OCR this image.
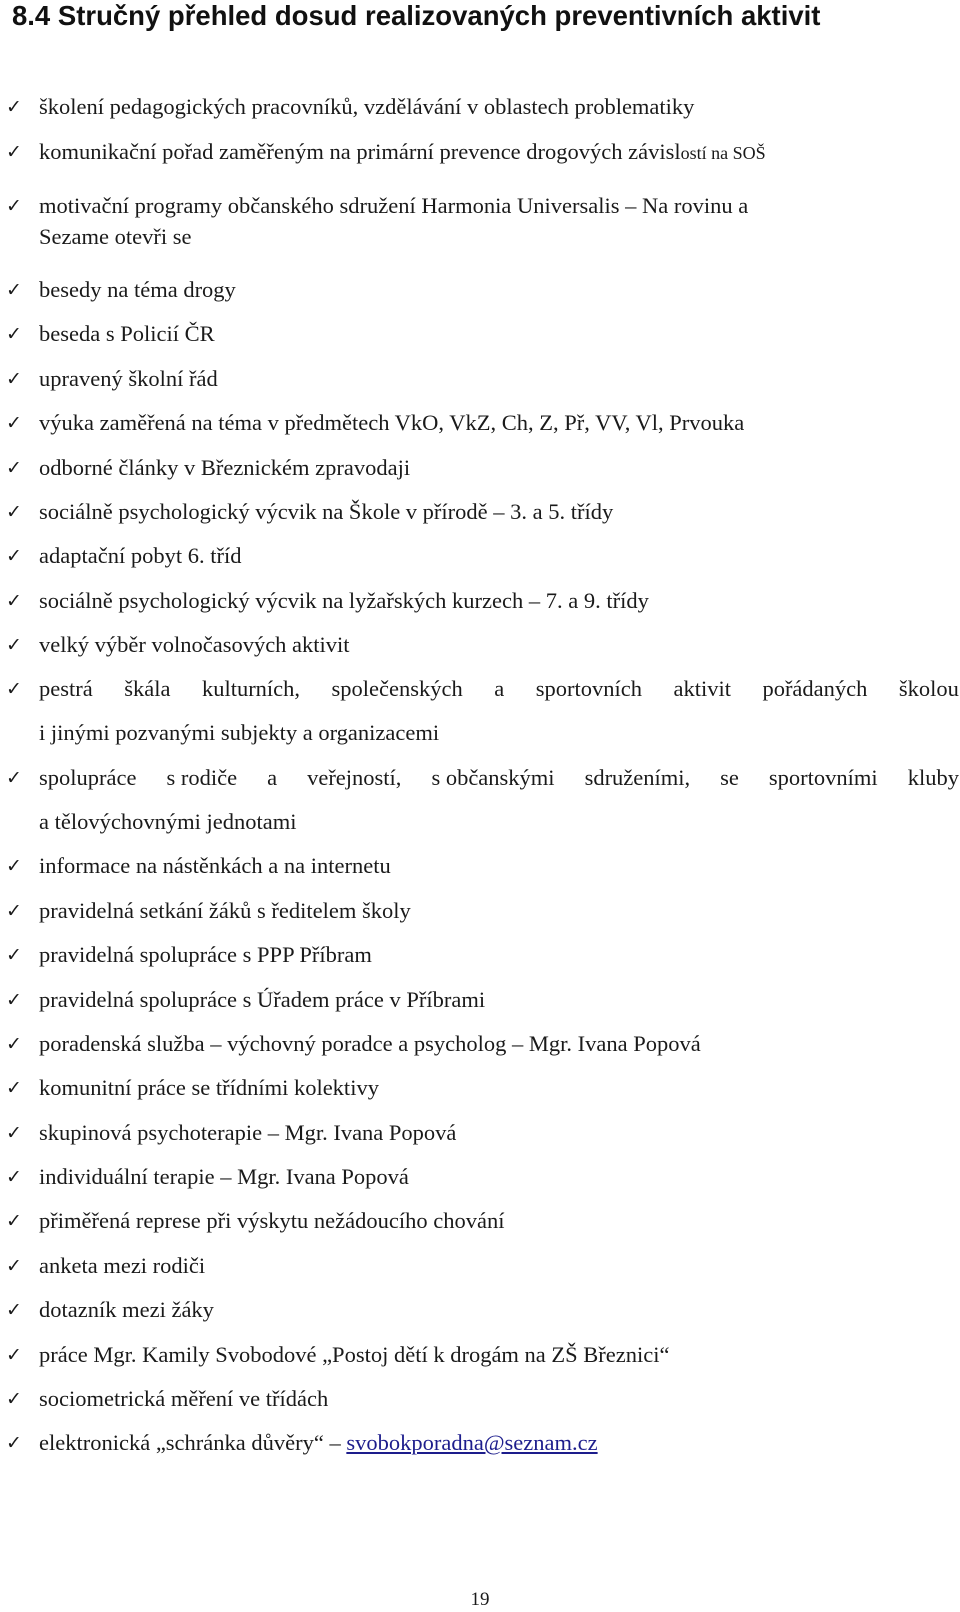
8.4 Stručný přehled dosud realizovaných preventivních aktivit
✓ školení pedagogických pracovníků, vzdělávání v oblastech problematiky
✓ komunikační pořad zaměřeným na primární prevence drogových závislostí na SOŠ
✓ motivační programy občanského sdružení Harmonia Universalis – Na rovinu a
Sezame otevři se
✓ besedy na téma drogy
✓ beseda s Policií ČR
✓ upravený školní řád
✓ výuka zaměřená na téma v předmětech VkO, VkZ, Ch, Z, Př, VV, Vl, Prvouka
✓ odborné články v Březnickém zpravodaji
✓ sociálně psychologický výcvik na Škole v přírodě – 3. a 5. třídy
✓ adaptační pobyt 6. tříd
✓ sociálně psychologický výcvik na lyžařských kurzech – 7. a 9. třídy
✓ velký výběr volnočasových aktivit
✓ pestrá škála kulturních, společenských a sportovních aktivit pořádaných školou
i jinými pozvanými subjekty a organizacemi
✓ spolupráce s rodiče a veřejností, s občanskými sdruženími, se sportovními kluby
a tělovýchovnými jednotami
✓ informace na nástěnkách a na internetu
✓ pravidelná setkání žáků s ředitelem školy
✓ pravidelná spolupráce s PPP Příbram
✓ pravidelná spolupráce s Úřadem práce v Příbrami
✓ poradenská služba – výchovný poradce a psycholog – Mgr. Ivana Popová
✓ komunitní práce se třídními kolektivy
✓ skupinová psychoterapie – Mgr. Ivana Popová
✓ individuální terapie – Mgr. Ivana Popová
✓ přiměřená represe při výskytu nežádoucího chování
✓ anketa mezi rodiči
✓ dotazník mezi žáky
✓ práce Mgr. Kamily Svobodové „Postoj dětí k drogám na ZŠ Březnici“
✓ sociometrická měření ve třídách
✓ elektronická „schránka důvěry“ – svobokporadna@seznam.cz
19
